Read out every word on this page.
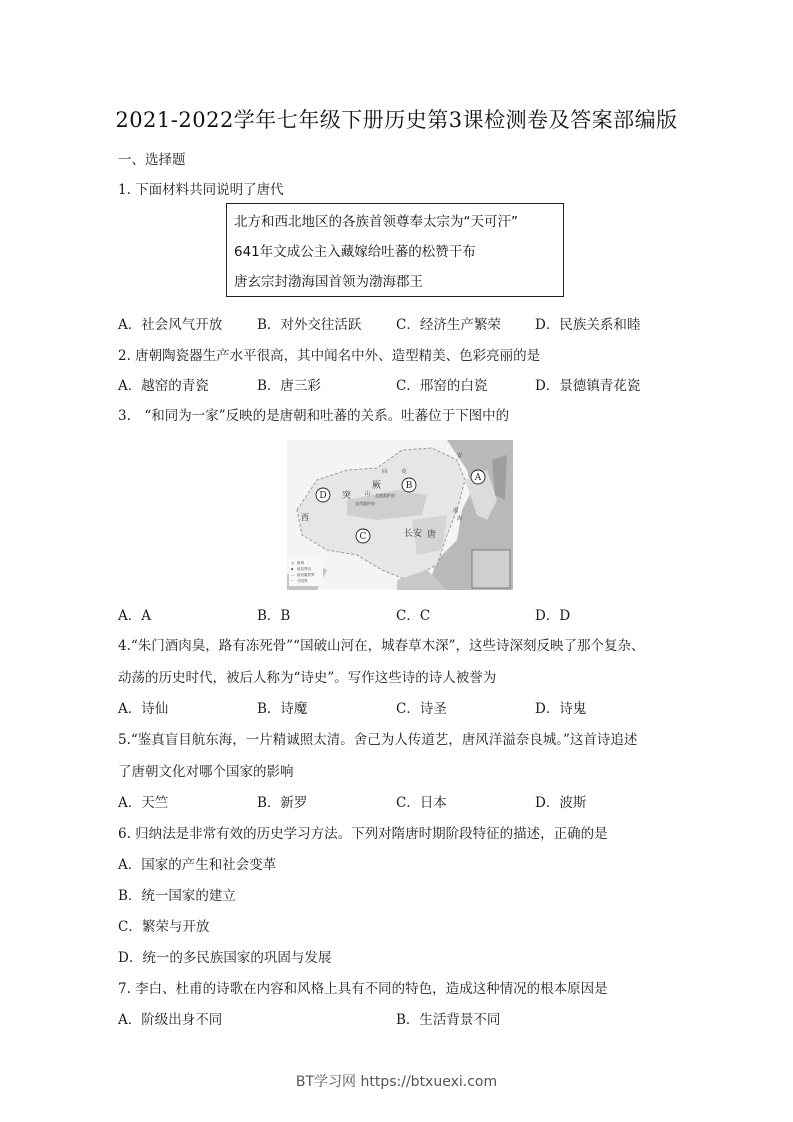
2021-2022学年七年级下册历史第3课检测卷及答案部编版
一、选择题
1. 下面材料共同说明了唐代
北方和西北地区的各族首领尊奉太宗为“天可汗”
641年文成公主入藏嫁给吐蕃的松赞干布
唐玄宗封渤海国首领为渤海郡王
A．社会风气开放	B．对外交往活跃	C．经济生产繁荣	D．民族关系和睦
2. 唐朝陶瓷器生产水平很高，其中闻名中外、造型精美、色彩亮丽的是
A．越窑的青瓷	B．唐三彩	C．邢窑的白瓷	D．景德镇青花瓷
3.　“和同为一家”反映的是唐朝和吐蕃的关系。吐蕃位于下图中的
◎ 都城
▪ 政权界线
— 政权疆界界
~ 今国界
突
厥
山
回	纥
西
长安 唐
安
渤
海
安西都护府
北庭都护府
A
B
C
D
A．A	B．B	C．C	D．D
4.“朱门酒肉臭，路有冻死骨”“国破山河在，城春草木深”，这些诗深刻反映了那个复杂、
动荡的历史时代，被后人称为“诗史”。写作这些诗的诗人被誉为
A．诗仙	B．诗魔	C．诗圣	D．诗鬼
5.“鉴真盲目航东海，一片精诚照太清。舍己为人传道艺，唐风洋溢奈良城。”这首诗追述
了唐朝文化对哪个国家的影响
A．天竺	B．新罗	C．日本	D．波斯
6. 归纳法是非常有效的历史学习方法。下列对隋唐时期阶段特征的描述，正确的是
A．国家的产生和社会变革
B．统一国家的建立
C．繁荣与开放
D．统一的多民族国家的巩固与发展
7. 李白、杜甫的诗歌在内容和风格上具有不同的特色，造成这种情况的根本原因是
A．阶级出身不同	B．生活背景不同
BT学习网 https://btxuexi.com
